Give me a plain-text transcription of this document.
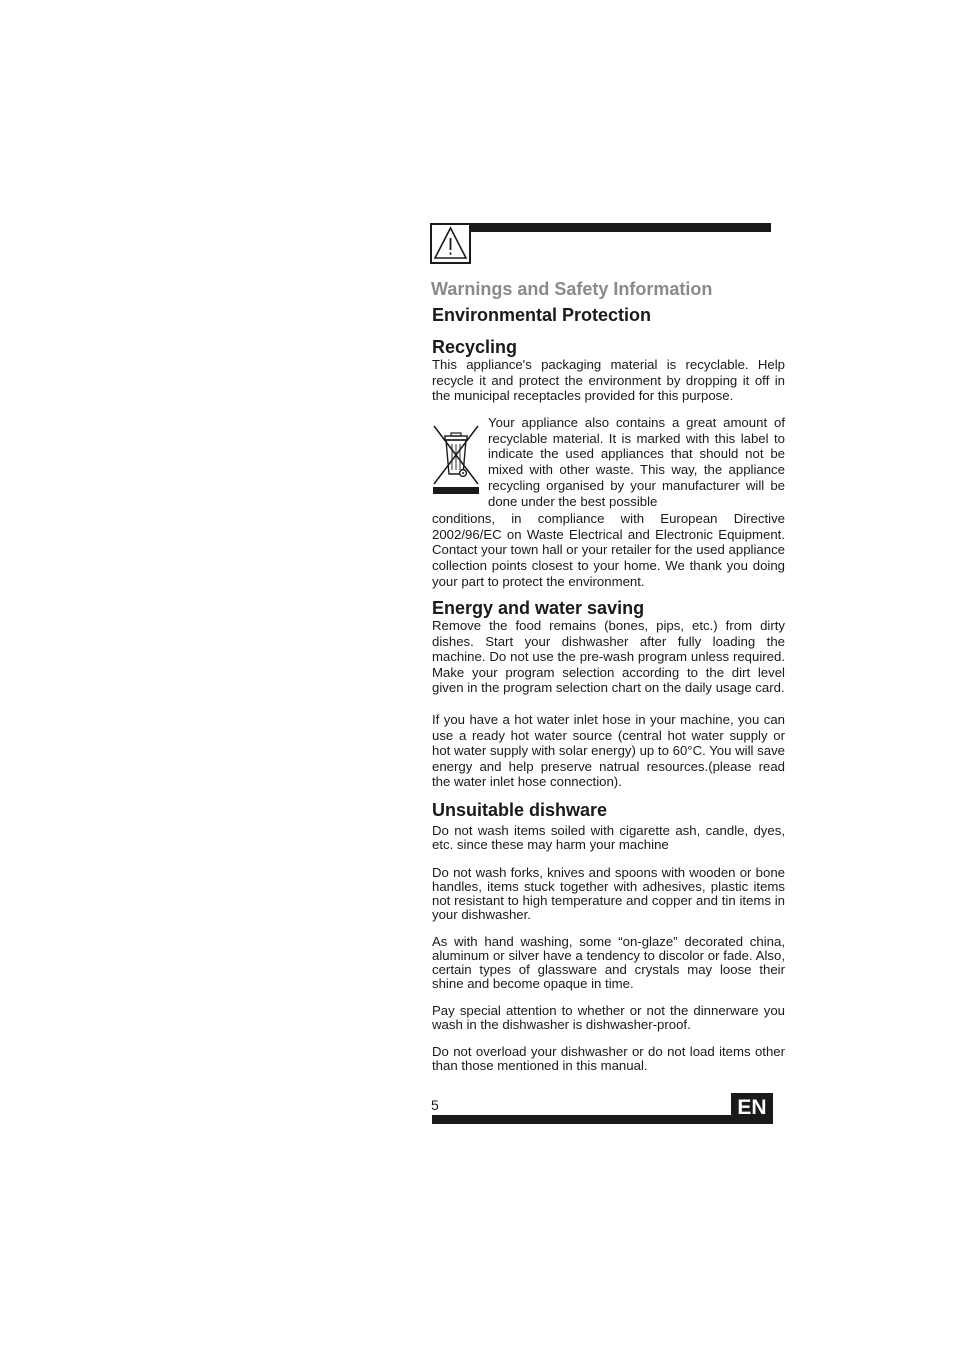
Warnings and Safety Information
Environmental Protection
Recycling

This appliance's packaging material is recyclable. Help recycle it and protect the environment by dropping it off in the municipal receptacles provided for this purpose.

Your appliance also contains a great amount of recyclable material. It is marked with this label to indicate the used appliances that should not be mixed with other waste. This way, the appliance recycling organised by your manufacturer will be done under the best possible

conditions, in compliance with European Directive 2002/96/EC on Waste Electrical and Electronic Equipment. Contact your town hall or your retailer for the used appliance collection points closest to your home. We thank you doing your part to protect the environment.

Energy and water saving

Remove the food remains (bones, pips, etc.) from dirty dishes. Start your dishwasher after fully loading the machine. Do not use the pre-wash program unless required. Make your program selection according to the dirt level given in the program selection chart on the daily usage card.

If you have a hot water inlet hose in your machine, you can use a ready hot water source (central hot water supply or hot water supply with solar energy) up to 60°C. You will save energy and help preserve natrual resources.(please read the water inlet hose connection).

Unsuitable dishware

Do not wash items soiled with cigarette ash, candle, dyes, etc. since these may harm your machine

Do not wash forks, knives and spoons with wooden or bone handles, items stuck together with adhesives, plastic items not resistant to high temperature and copper and tin items in your dishwasher.

As with hand washing, some “on-glaze” decorated china, aluminum or silver have a tendency to discolor or fade. Also, certain types of glassware and crystals may loose their shine and become opaque in time.

Pay special attention to whether or not the dinnerware you wash in the dishwasher is dishwasher-proof.

Do not overload your dishwasher or do not load items other than those mentioned in this manual.

5	EN
